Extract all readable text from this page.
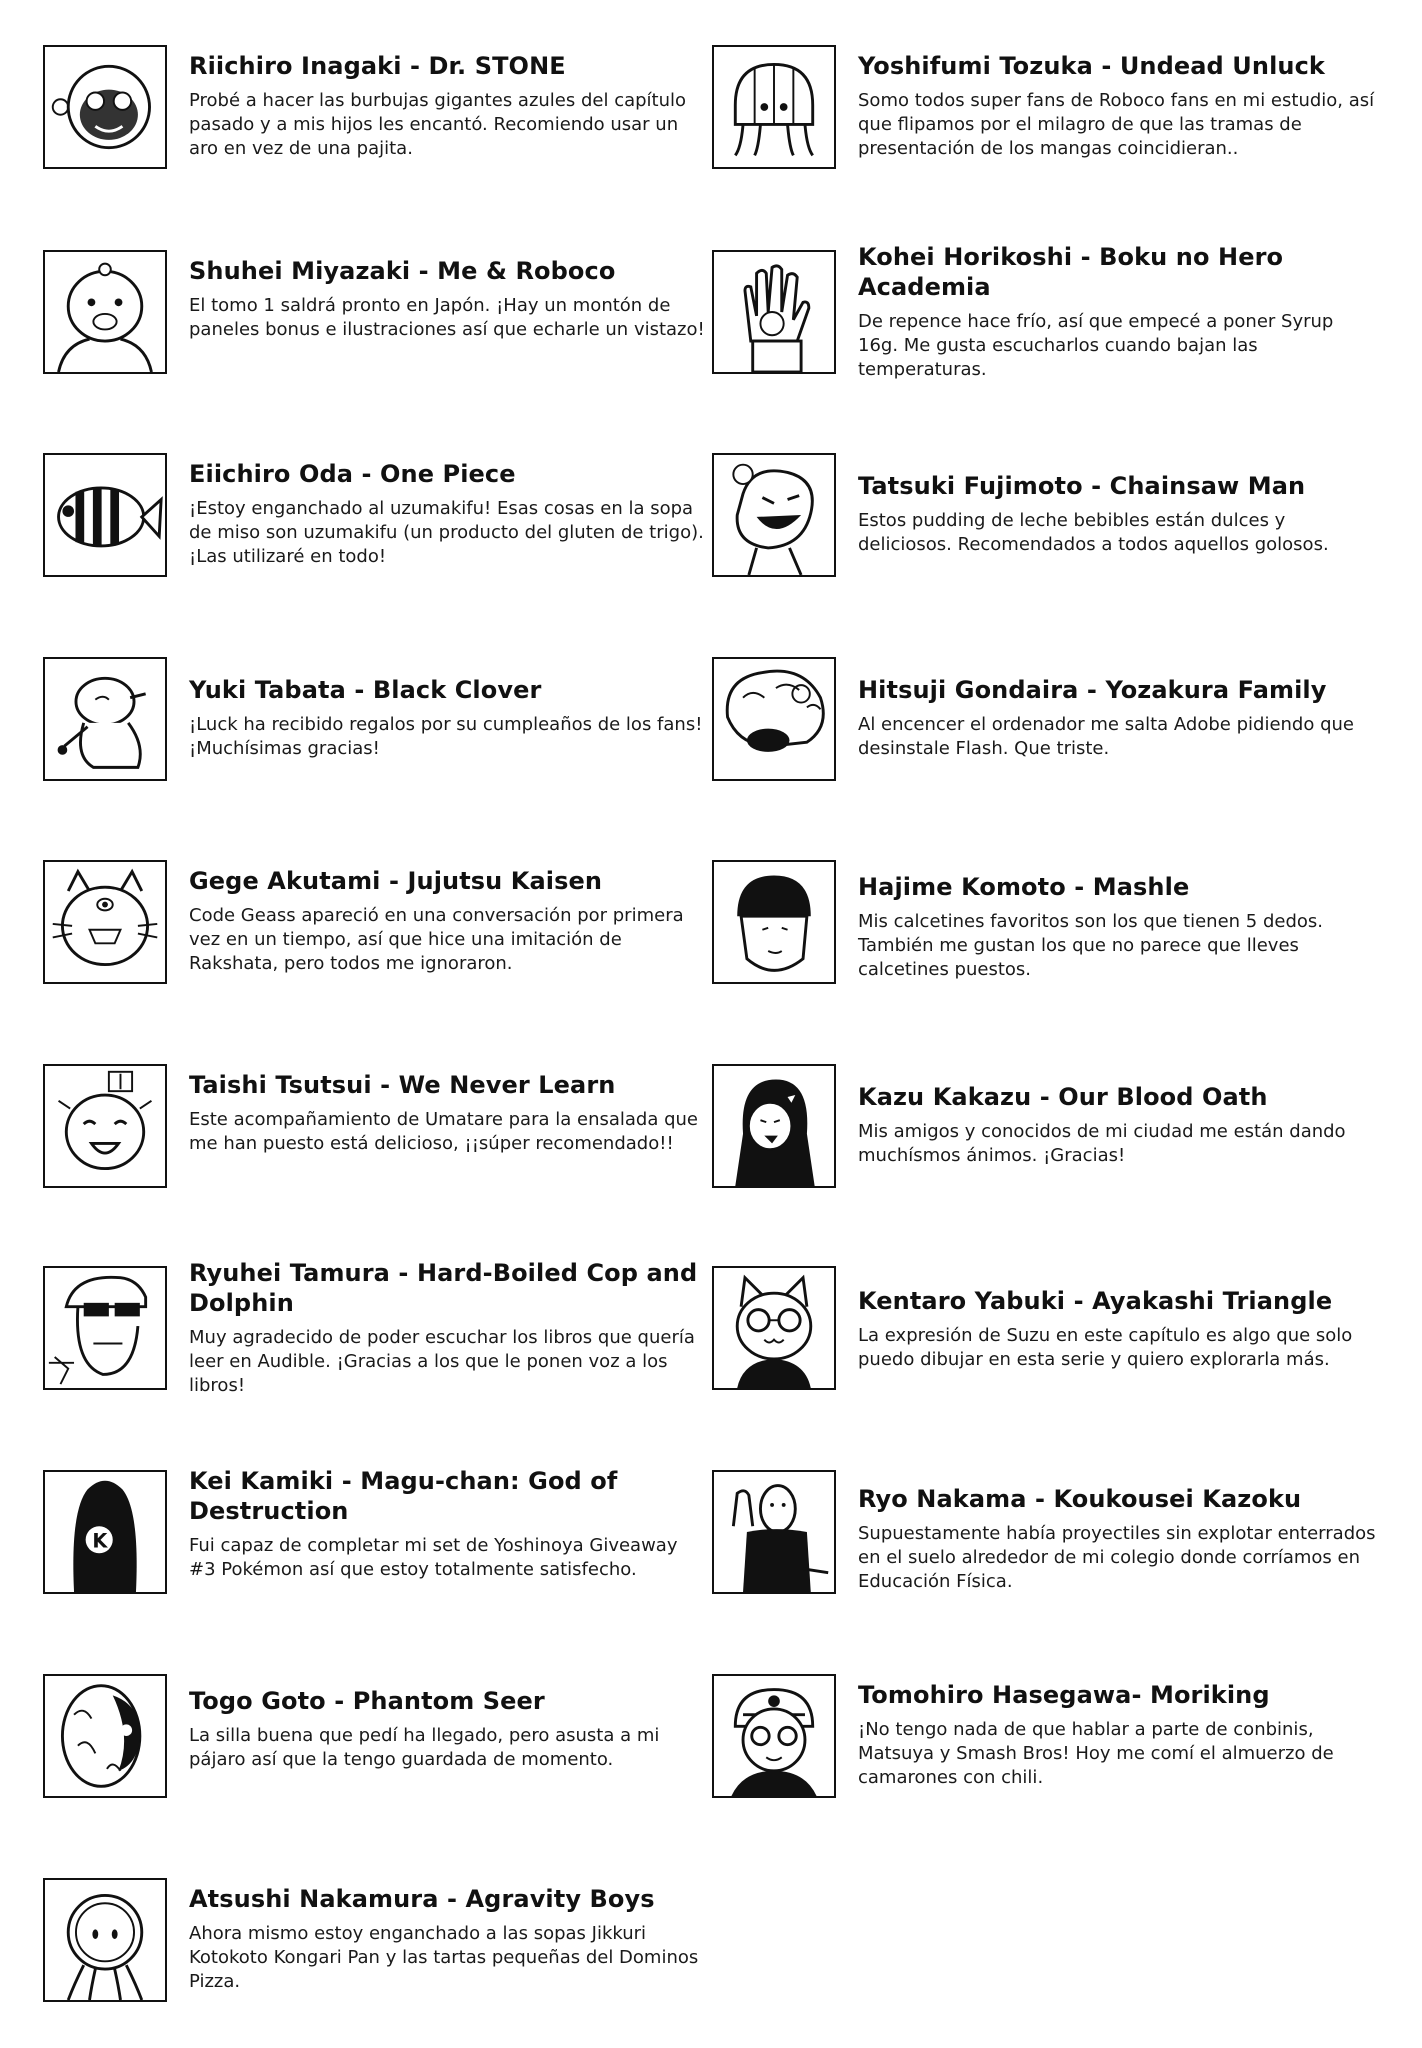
Riichiro Inagaki - Dr. STONE

Probé a hacer las burbujas gigantes azules del capítulo pasado y a mis hijos les encantó. Recomiendo usar un aro en vez de una pajita.

Yoshifumi Tozuka - Undead Unluck

Somo todos super fans de Roboco fans en mi estudio, así que flipamos por el milagro de que las tramas de presentación de los mangas coincidieran..

Shuhei Miyazaki - Me & Roboco

El tomo 1 saldrá pronto en Japón. ¡Hay un montón de paneles bonus e ilustraciones así que echarle un vistazo!

Kohei Horikoshi - Boku no Hero Academia

De repence hace frío, así que empecé a poner Syrup 16g. Me gusta escucharlos cuando bajan las temperaturas.

Eiichiro Oda - One Piece

¡Estoy enganchado al uzumakifu! Esas cosas en la sopa de miso son uzumakifu (un producto del gluten de trigo). ¡Las utilizaré en todo!

Tatsuki Fujimoto - Chainsaw Man

Estos pudding de leche bebibles están dulces y deliciosos. Recomendados a todos aquellos golosos.

Yuki Tabata - Black Clover

¡Luck ha recibido regalos por su cumpleaños de los fans! ¡Muchísimas gracias!

Hitsuji Gondaira - Yozakura Family

Al encencer el ordenador me salta Adobe pidiendo que desinstale Flash. Que triste.

Gege Akutami - Jujutsu Kaisen

Code Geass apareció en una conversación por primera vez en un tiempo, así que hice una imitación de Rakshata, pero todos me ignoraron.

Hajime Komoto - Mashle

Mis calcetines favoritos son los que tienen 5 dedos. También me gustan los que no parece que lleves calcetines puestos.

Taishi Tsutsui - We Never Learn

Este acompañamiento de Umatare para la ensalada que me han puesto está delicioso, ¡¡súper recomendado!!

Kazu Kakazu - Our Blood Oath

Mis amigos y conocidos de mi ciudad me están dando muchísmos ánimos. ¡Gracias!

Ryuhei Tamura - Hard-Boiled Cop and Dolphin

Muy agradecido de poder escuchar los libros que quería leer en Audible. ¡Gracias a los que le ponen voz a los libros!

Kentaro Yabuki - Ayakashi Triangle

La expresión de Suzu en este capítulo es algo que solo puedo dibujar en esta serie y quiero explorarla más.

K

Kei Kamiki - Magu-chan: God of Destruction

Fui capaz de completar mi set de Yoshinoya Giveaway #3 Pokémon así que estoy totalmente satisfecho.

Ryo Nakama - Koukousei Kazoku

Supuestamente había proyectiles sin explotar enterrados en el suelo alrededor de mi colegio donde corríamos en Educación Física.

Togo Goto - Phantom Seer

La silla buena que pedí ha llegado, pero asusta a mi pájaro así que la tengo guardada de momento.

Tomohiro Hasegawa- Moriking

¡No tengo nada de que hablar a parte de conbinis, Matsuya y Smash Bros! Hoy me comí el almuerzo de camarones con chili.

Atsushi Nakamura - Agravity Boys

Ahora mismo estoy enganchado a las sopas Jikkuri Kotokoto Kongari Pan y las tartas pequeñas del Dominos Pizza.
